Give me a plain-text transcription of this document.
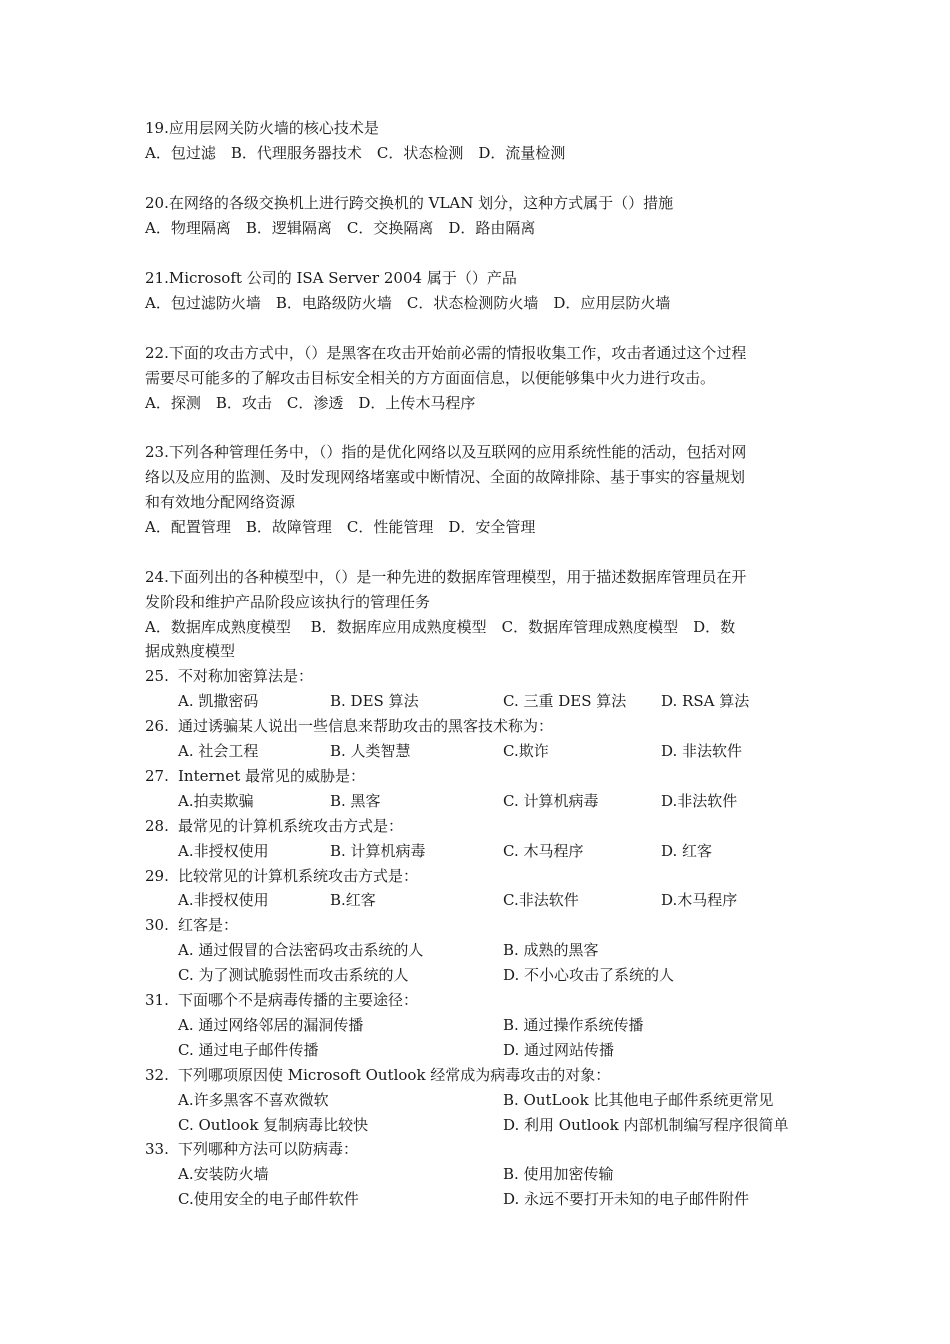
19.应用层网关防火墙的核心技术是
A．包过滤　B．代理服务器技术　C．状态检测　D．流量检测
20.在网络的各级交换机上进行跨交换机的 VLAN 划分，这种方式属于（）措施
A．物理隔离　B．逻辑隔离　C．交换隔离　D．路由隔离
21.Microsoft 公司的 ISA Server 2004 属于（）产品
A．包过滤防火墙　B．电路级防火墙　C．状态检测防火墙　D．应用层防火墙
22.下面的攻击方式中，（）是黑客在攻击开始前必需的情报收集工作，攻击者通过这个过程
需要尽可能多的了解攻击目标安全相关的方方面面信息，以便能够集中火力进行攻击。
A．探测　B．攻击　C．渗透　D．上传木马程序
23.下列各种管理任务中，（）指的是优化网络以及互联网的应用系统性能的活动，包括对网
络以及应用的监测、及时发现网络堵塞或中断情况、全面的故障排除、基于事实的容量规划
和有效地分配网络资源
A．配置管理　B．故障管理　C．性能管理　D．安全管理
24.下面列出的各种模型中，（）是一种先进的数据库管理模型，用于描述数据库管理员在开
发阶段和维护产品阶段应该执行的管理任务
A．数据库成熟度模型　 B．数据库应用成熟度模型　C．数据库管理成熟度模型　D．数
据成熟度模型
25. 不对称加密算法是：
A. 凯撒密码	B. DES 算法	C. 三重 DES 算法 D. RSA 算法
26. 通过诱骗某人说出一些信息来帮助攻击的黑客技术称为：
A. 社会工程	B. 人类智慧	C.欺诈	D. 非法软件
27. Internet 最常见的威胁是：
A.拍卖欺骗	B. 黑客	C. 计算机病毒	D.非法软件
28. 最常见的计算机系统攻击方式是：
A.非授权使用	B. 计算机病毒	C. 木马程序	D. 红客
29. 比较常见的计算机系统攻击方式是：
A.非授权使用	B.红客	C.非法软件	D.木马程序
30. 红客是：
A. 通过假冒的合法密码攻击系统的人	B. 成熟的黑客
C. 为了测试脆弱性而攻击系统的人	D. 不小心攻击了系统的人
31. 下面哪个不是病毒传播的主要途径：
A. 通过网络邻居的漏洞传播	B. 通过操作系统传播
C. 通过电子邮件传播	D. 通过网站传播
32. 下列哪项原因使 Microsoft Outlook 经常成为病毒攻击的对象：
A.许多黑客不喜欢微软	B. OutLook 比其他电子邮件系统更常见
C. Outlook 复制病毒比较快	D. 利用 Outlook 内部机制编写程序很简单
33. 下列哪种方法可以防病毒：
A.安装防火墙	B. 使用加密传输
C.使用安全的电子邮件软件	D. 永远不要打开未知的电子邮件附件
